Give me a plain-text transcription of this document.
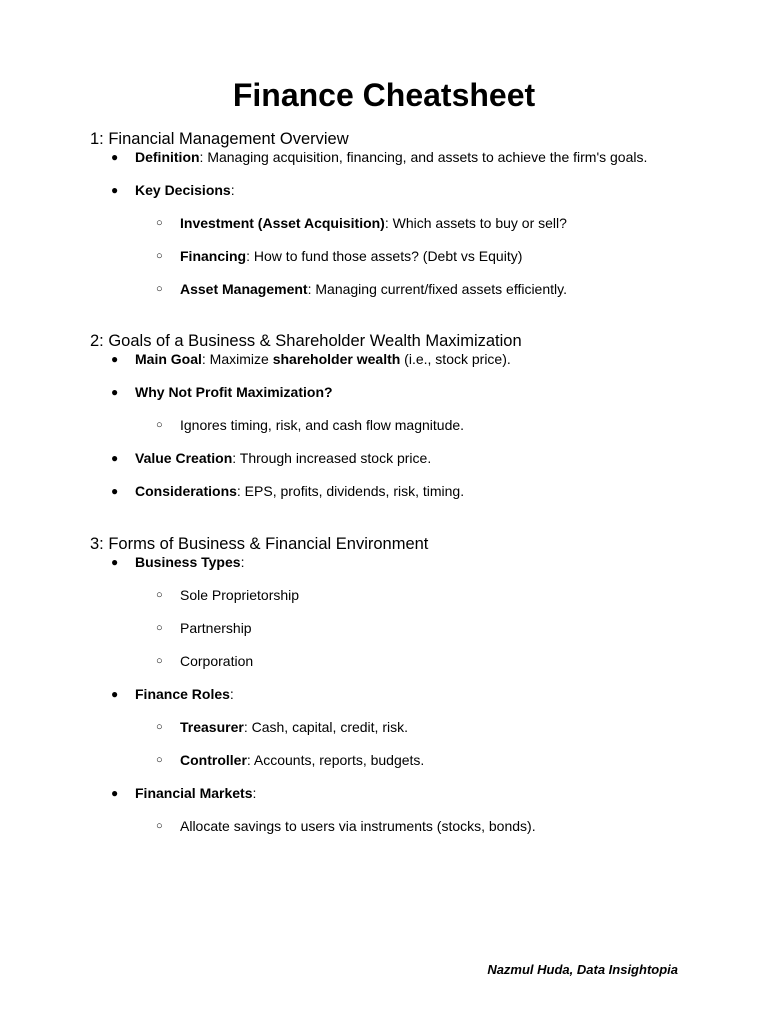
Finance Cheatsheet
1: Financial Management Overview
● Definition: Managing acquisition, financing, and assets to achieve the firm's goals.
● Key Decisions:
○ Investment (Asset Acquisition): Which assets to buy or sell?
○ Financing: How to fund those assets? (Debt vs Equity)
○ Asset Management: Managing current/fixed assets efficiently.
2: Goals of a Business & Shareholder Wealth Maximization
● Main Goal: Maximize shareholder wealth (i.e., stock price).
● Why Not Profit Maximization?
○ Ignores timing, risk, and cash flow magnitude.
● Value Creation: Through increased stock price.
● Considerations: EPS, profits, dividends, risk, timing.
3: Forms of Business & Financial Environment
● Business Types:
○ Sole Proprietorship
○ Partnership
○ Corporation
● Finance Roles:
○ Treasurer: Cash, capital, credit, risk.
○ Controller: Accounts, reports, budgets.
● Financial Markets:
○ Allocate savings to users via instruments (stocks, bonds).
Nazmul Huda, Data Insightopia
